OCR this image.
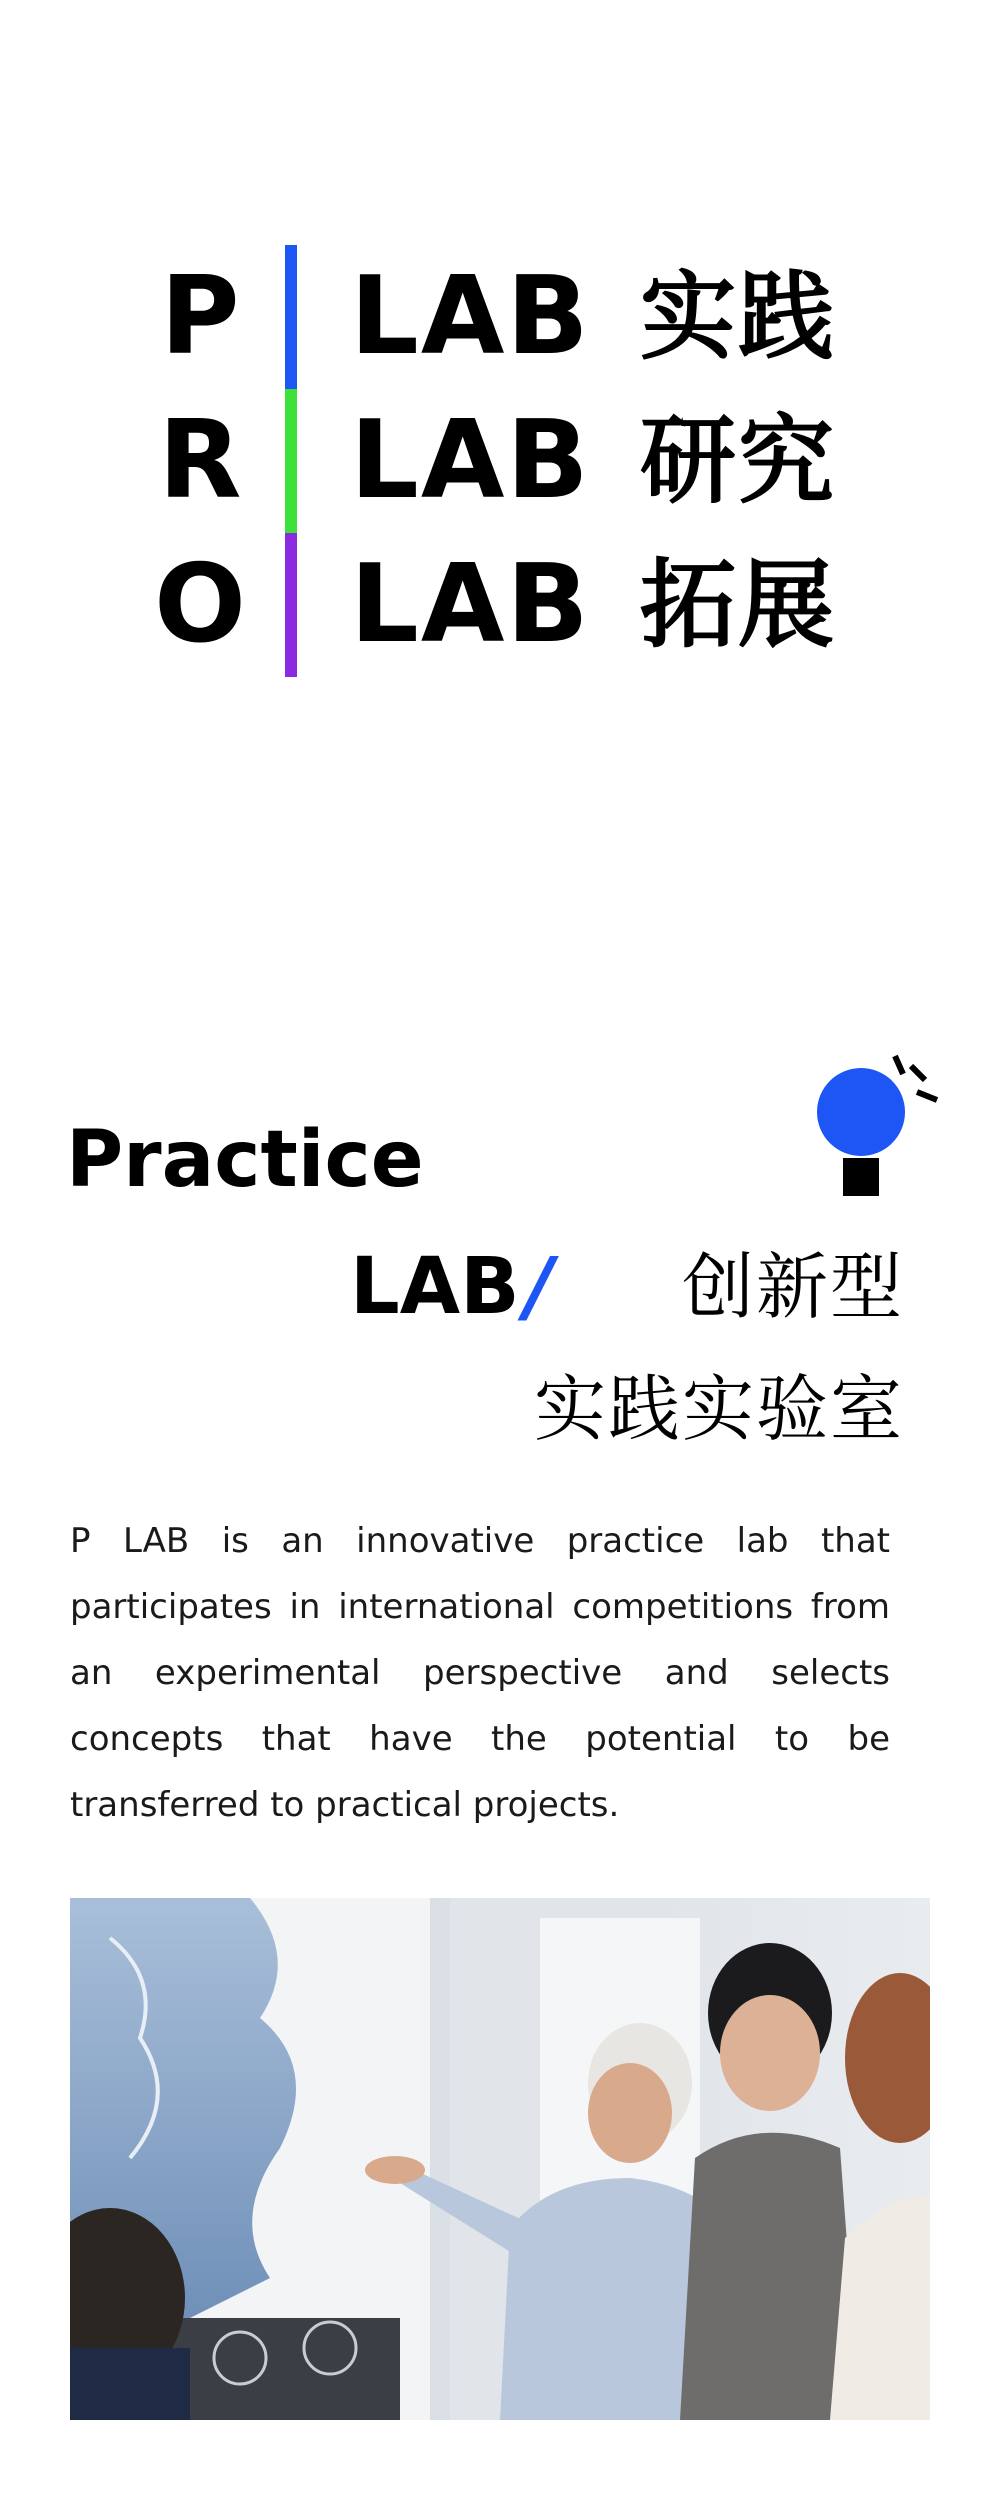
P LAB 实践
R LAB 研究
O LAB 拓展
Practice
LAB / 创新型
实践实验室

P LAB is an innovative practice lab that participates in international competitions from an experimental perspective and selects concepts that have the potential to be transferred to practical projects.
